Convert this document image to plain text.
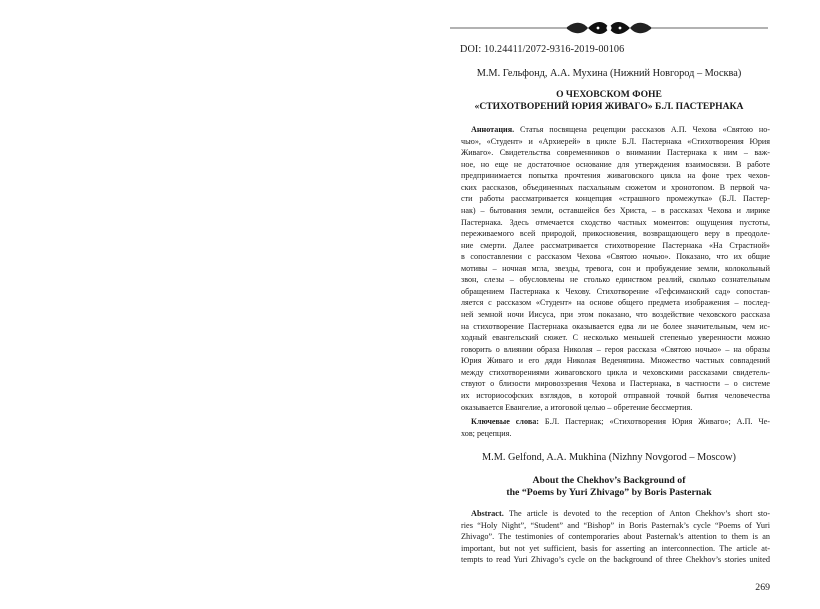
DOI: 10.24411/2072-9316-2019-00106
М.М. Гельфонд, А.А. Мухина (Нижний Новгород – Москва)
О ЧЕХОВСКОМ ФОНЕ
«СТИХОТВОРЕНИЙ ЮРИЯ ЖИВАГО» Б.Л. ПАСТЕРНАКА
Аннотация. Статья посвящена рецепции рассказов А.П. Чехова «Святою но-
чью», «Студент» и «Архиерей» в цикле Б.Л. Пастернака «Стихотворения Юрия
Живаго». Свидетельства современников о внимании Пастернака к ним – важ-
ное, но еще не достаточное основание для утверждения взаимосвязи. В работе
предпринимается попытка прочтения живаговского цикла на фоне трех чехов-
ских рассказов, объединенных пасхальным сюжетом и хронотопом. В первой ча-
сти работы рассматривается концепция «страшного промежутка» (Б.Л. Пастер-
нак) – бытования земли, оставшейся без Христа, – в рассказах Чехова и лирике
Пастернака. Здесь отмечается сходство частных моментов: ощущения пустоты,
переживаемого всей природой, прикосновения, возвращающего веру в преодоле-
ние смерти. Далее рассматривается стихотворение Пастернака «На Страстной»
в сопоставлении с рассказом Чехова «Святою ночью». Показано, что их общие
мотивы – ночная мгла, звезды, тревога, сон и пробуждение земли, колокольный
звон, слезы – обусловлены не столько единством реалий, сколько сознательным
обращением Пастернака к Чехову. Стихотворение «Гефсиманский сад» сопостав-
ляется с рассказом «Студент» на основе общего предмета изображения – послед-
ней земной ночи Иисуса, при этом показано, что воздействие чеховского рассказа
на стихотворение Пастернака оказывается едва ли не более значительным, чем ис-
ходный евангельский сюжет. С несколько меньшей степенью уверенности можно
говорить о влиянии образа Николая – героя рассказа «Святою ночью» – на образы
Юрия Живаго и его дяди Николая Веденяпина. Множество частных совпадений
между стихотворениями живаговского цикла и чеховскими рассказами свидетель-
ствуют о близости мировоззрения Чехова и Пастернака, в частности – о системе
их историософских взглядов, в которой отправной точкой бытия человечества
оказывается Евангелие, а итоговой целью – обретение бессмертия.
Ключевые слова: Б.Л. Пастернак; «Стихотворения Юрия Живаго»; А.П. Че-
хов; рецепция.
M.M. Gelfond, A.A. Mukhina (Nizhny Novgorod – Moscow)
About the Chekhov’s Background of
the “Poems by Yuri Zhivago” by Boris Pasternak
Abstract. The article is devoted to the reception of Anton Chekhov’s short sto-
ries “Holy Night”, “Student” and “Bishop” in Boris Pasternak’s cycle “Poems of Yuri
Zhivago”. The testimonies of contemporaries about Pasternak’s attention to them is an
important, but not yet sufficient, basis for asserting an interconnection. The article at-
tempts to read Yuri Zhivago’s cycle on the background of three Chekhov’s stories united
269
